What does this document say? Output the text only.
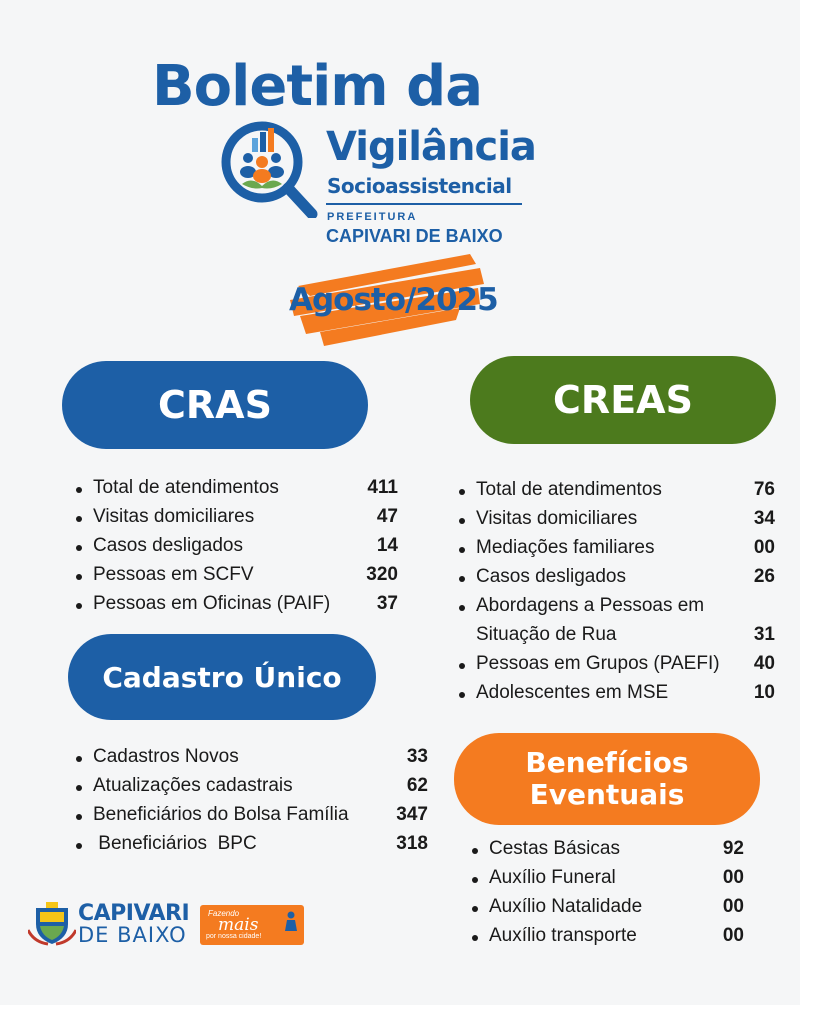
Boletim da
Vigilância
Socioassistencial
PREFEITURA
CAPIVARI DE BAIXO
Agosto/2025
CRAS
Total de atendimentos	411
Visitas domiciliares	47
Casos desligados	14
Pessoas em SCFV	320
Pessoas em Oficinas (PAIF) 37
CREAS
Total de atendimentos	76
Visitas domiciliares	34
Mediações familiares	00
Casos desligados	26
Abordagens a Pessoas em
Situação de Rua	31
Pessoas em Grupos (PAEFI) 40
Adolescentes em MSE	10
Cadastro Único
Cadastros Novos	33
Atualizações cadastrais	62
Beneficiários do Bolsa Família	347
Beneficiários  BPC	318
Benefícios
Eventuais
Cestas Básicas	92
Auxílio Funeral	00
Auxílio Natalidade	00
Auxílio transporte	00
CAPIVARI
DE BAIXO
Fazendo
mais
por nossa cidade!
